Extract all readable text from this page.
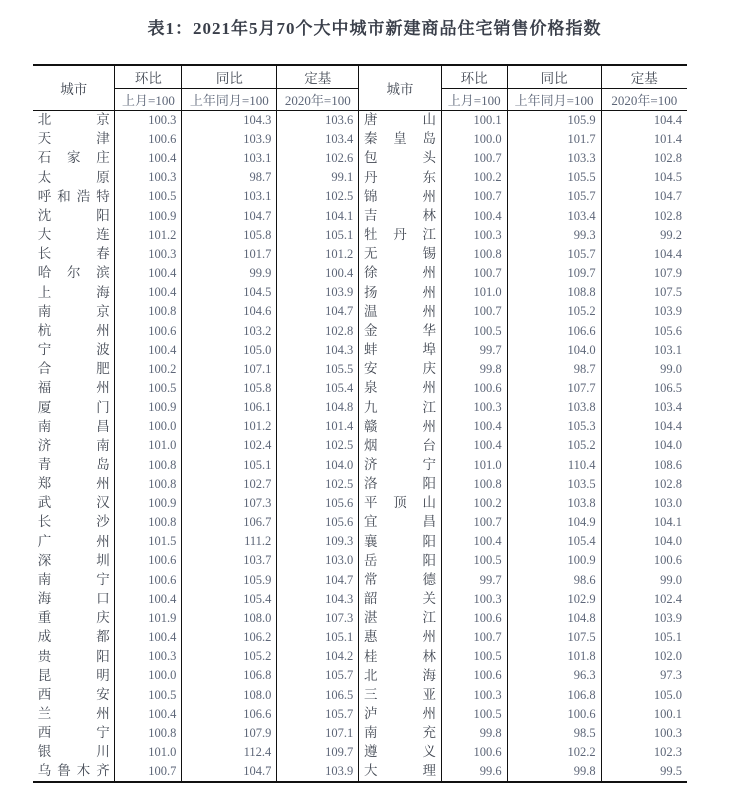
表1：2021年5月70个大中城市新建商品住宅销售价格指数
城市	环比	同比	定基
	上月=100	上年同月=100	2020年=100
北京	100.3	104.3	103.6
天津	100.6	103.9	103.4
石家庄	100.4	103.1	102.6
太原	100.3	98.7	99.1
呼和浩特	100.5	103.1	102.5
沈阳	100.9	104.7	104.1
大连	101.2	105.8	105.1
长春	100.3	101.7	101.2
哈尔滨	100.4	99.9	100.4
上海	100.4	104.5	103.9
南京	100.8	104.6	104.7
杭州	100.6	103.2	102.8
宁波	100.4	105.0	104.3
合肥	100.2	107.1	105.5
福州	100.5	105.8	105.4
厦门	100.9	106.1	104.8
南昌	100.0	101.2	101.4
济南	101.0	102.4	102.5
青岛	100.8	105.1	104.0
郑州	100.8	102.7	102.5
武汉	100.9	107.3	105.6
长沙	100.8	106.7	105.6
广州	101.5	111.2	109.3
深圳	100.6	103.7	103.0
南宁	100.6	105.9	104.7
海口	100.4	105.4	104.3
重庆	101.9	108.0	107.3
成都	100.4	106.2	105.1
贵阳	100.3	105.2	104.2
昆明	100.0	106.8	105.7
西安	100.5	108.0	106.5
兰州	100.4	106.6	105.7
西宁	100.8	107.9	107.1
银川	101.0	112.4	109.7
乌鲁木齐	100.7	104.7	103.9
城市	环比	同比	定基
	上月=100	上年同月=100	2020年=100
唐山	100.1	105.9	104.4
秦皇岛	100.0	101.7	101.4
包头	100.7	103.3	102.8
丹东	100.2	105.5	104.5
锦州	100.7	105.7	104.7
吉林	100.4	103.4	102.8
牡丹江	100.3	99.3	99.2
无锡	100.8	105.7	104.4
徐州	100.7	109.7	107.9
扬州	101.0	108.8	107.5
温州	100.7	105.2	103.9
金华	100.5	106.6	105.6
蚌埠	99.7	104.0	103.1
安庆	99.8	98.7	99.0
泉州	100.6	107.7	106.5
九江	100.3	103.8	103.4
赣州	100.4	105.3	104.4
烟台	100.4	105.2	104.0
济宁	101.0	110.4	108.6
洛阳	100.8	103.5	102.8
平顶山	100.2	103.8	103.0
宜昌	100.7	104.9	104.1
襄阳	100.4	105.4	104.0
岳阳	100.5	100.9	100.6
常德	99.7	98.6	99.0
韶关	100.3	102.9	102.4
湛江	100.6	104.8	103.9
惠州	100.7	107.5	105.1
桂林	100.5	101.8	102.0
北海	100.6	96.3	97.3
三亚	100.3	106.8	105.0
泸州	100.5	100.6	100.1
南充	99.8	98.5	100.3
遵义	100.6	102.2	102.3
大理	99.6	99.8	99.5
